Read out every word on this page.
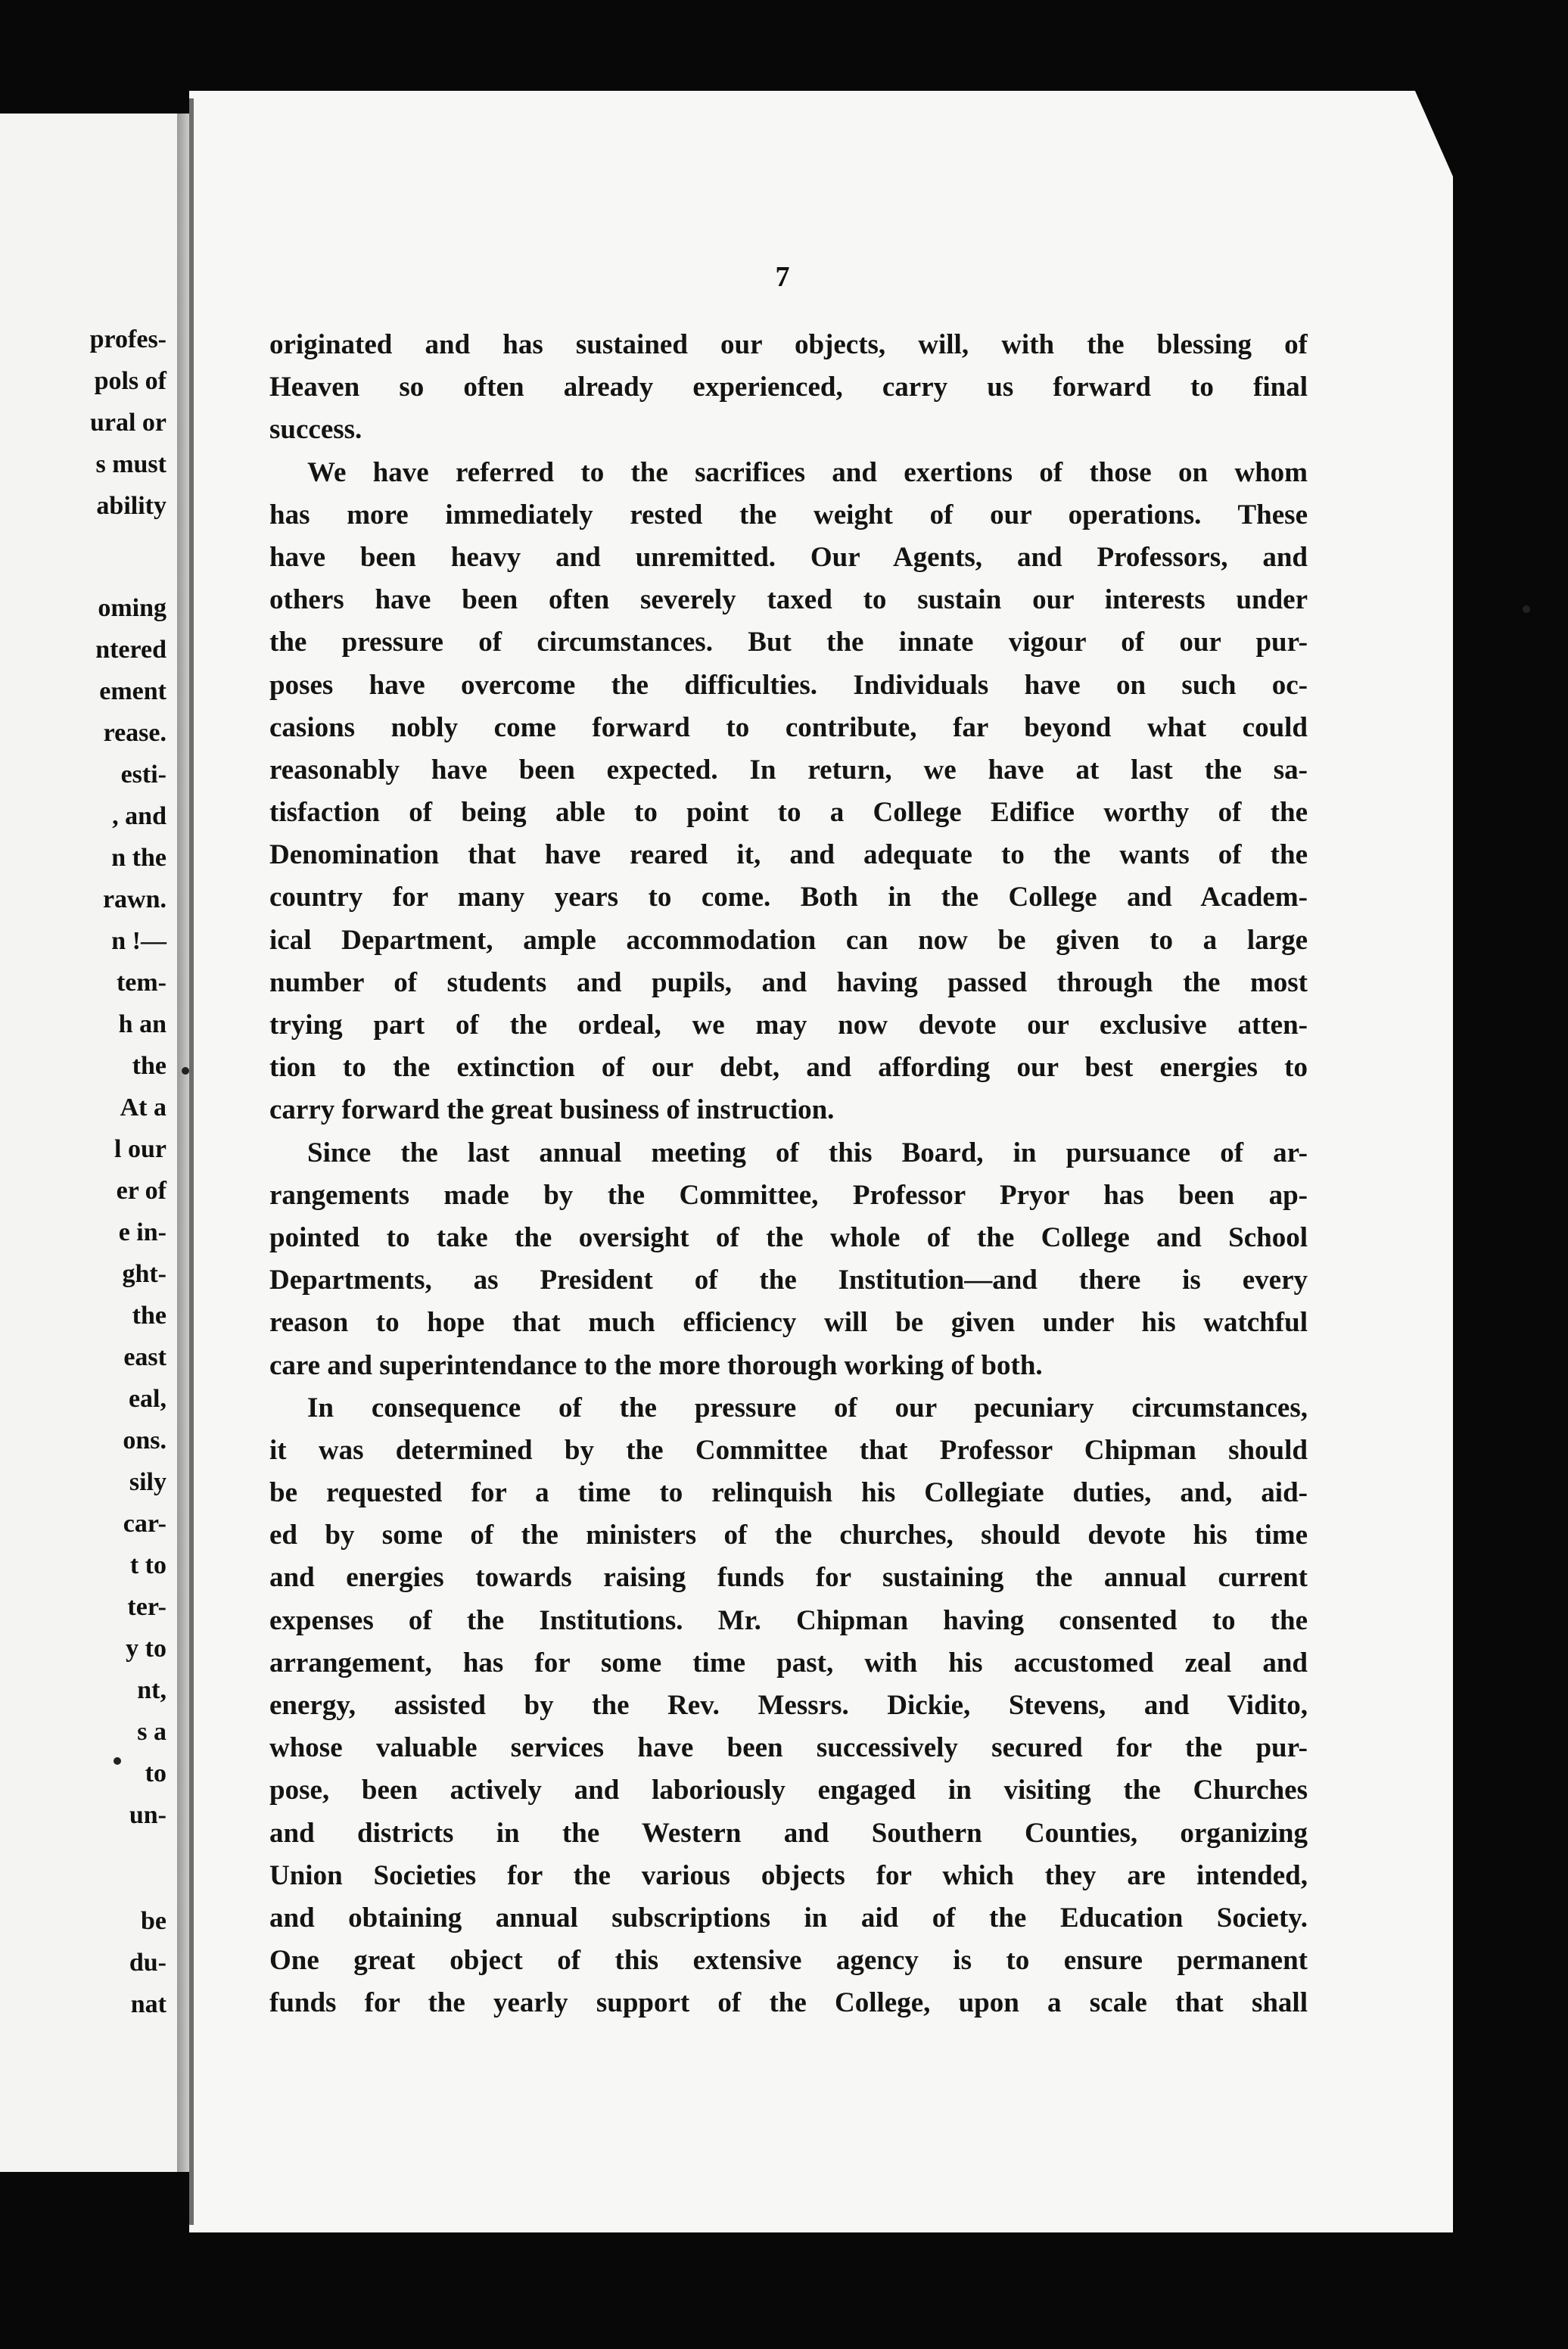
profes-
pols of
ural or
s must
ability
oming
ntered
ement
rease.
esti-
, and
n the
rawn.
n !—
tem-
h an
the
At a
l our
er of
e in-
ght-
the
east
eal,
ons.
sily
car-
t to
ter-
y to
nt,
s a
to
un-
be
du-
nat

7

originated and has sustained our objects, will, with the blessing of
Heaven so often already experienced, carry us forward to final
success.
We have referred to the sacrifices and exertions of those on whom
has more immediately rested the weight of our operations. These
have been heavy and unremitted. Our Agents, and Professors, and
others have been often severely taxed to sustain our interests under
the pressure of circumstances. But the innate vigour of our pur-
poses have overcome the difficulties. Individuals have on such oc-
casions nobly come forward to contribute, far beyond what could
reasonably have been expected. In return, we have at last the sa-
tisfaction of being able to point to a College Edifice worthy of the
Denomination that have reared it, and adequate to the wants of the
country for many years to come. Both in the College and Academ-
ical Department, ample accommodation can now be given to a large
number of students and pupils, and having passed through the most
trying part of the ordeal, we may now devote our exclusive atten-
tion to the extinction of our debt, and affording our best energies to
carry forward the great business of instruction.
Since the last annual meeting of this Board, in pursuance of ar-
rangements made by the Committee, Professor Pryor has been ap-
pointed to take the oversight of the whole of the College and School
Departments, as President of the Institution—and there is every
reason to hope that much efficiency will be given under his watchful
care and superintendance to the more thorough working of both.
In consequence of the pressure of our pecuniary circumstances,
it was determined by the Committee that Professor Chipman should
be requested for a time to relinquish his Collegiate duties, and, aid-
ed by some of the ministers of the churches, should devote his time
and energies towards raising funds for sustaining the annual current
expenses of the Institutions. Mr. Chipman having consented to the
arrangement, has for some time past, with his accustomed zeal and
energy, assisted by the Rev. Messrs. Dickie, Stevens, and Vidito,
whose valuable services have been successively secured for the pur-
pose, been actively and laboriously engaged in visiting the Churches
and districts in the Western and Southern Counties, organizing
Union Societies for the various objects for which they are intended,
and obtaining annual subscriptions in aid of the Education Society.
One great object of this extensive agency is to ensure permanent
funds for the yearly support of the College, upon a scale that shall
